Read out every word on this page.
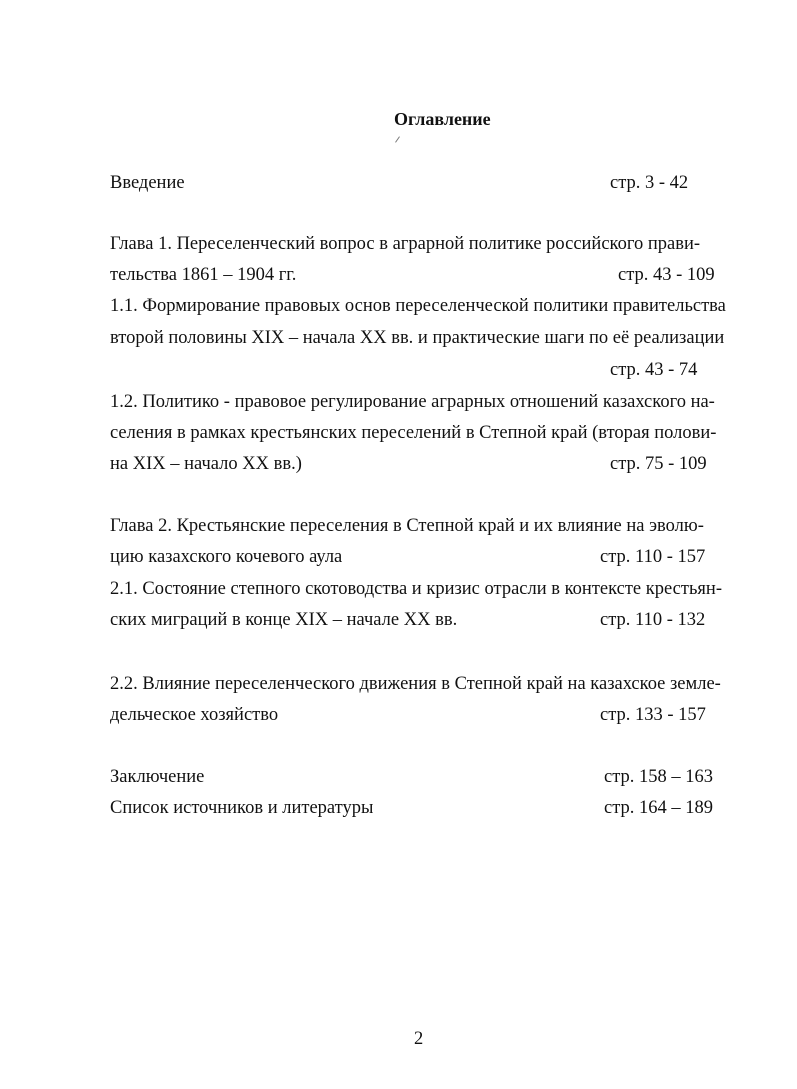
Оглавление
Введение	стр. 3 - 42
Глава 1. Переселенческий вопрос в аграрной политике российского прави-
тельства 1861 – 1904 гг.	стр. 43 - 109
1.1. Формирование правовых основ переселенческой политики правительства
второй половины XIX – начала XX вв. и практические шаги по её реализации
стр. 43 - 74
1.2. Политико - правовое регулирование аграрных отношений казахского на-
селения в рамках крестьянских переселений в Степной край (вторая полови-
на XIX – начало XX вв.)	стр. 75 - 109
Глава 2. Крестьянские переселения в Степной край и их влияние на эволю-
цию казахского кочевого аула	стр. 110 - 157
2.1. Состояние степного скотоводства и кризис отрасли в контексте крестьян-
ских миграций в конце XIX – начале XX вв.	стр. 110 - 132
2.2. Влияние переселенческого движения в Степной край на казахское земле-
дельческое хозяйство	стр. 133 - 157
Заключение	стр. 158 – 163
Список источников и литературы	стр. 164 – 189
2
